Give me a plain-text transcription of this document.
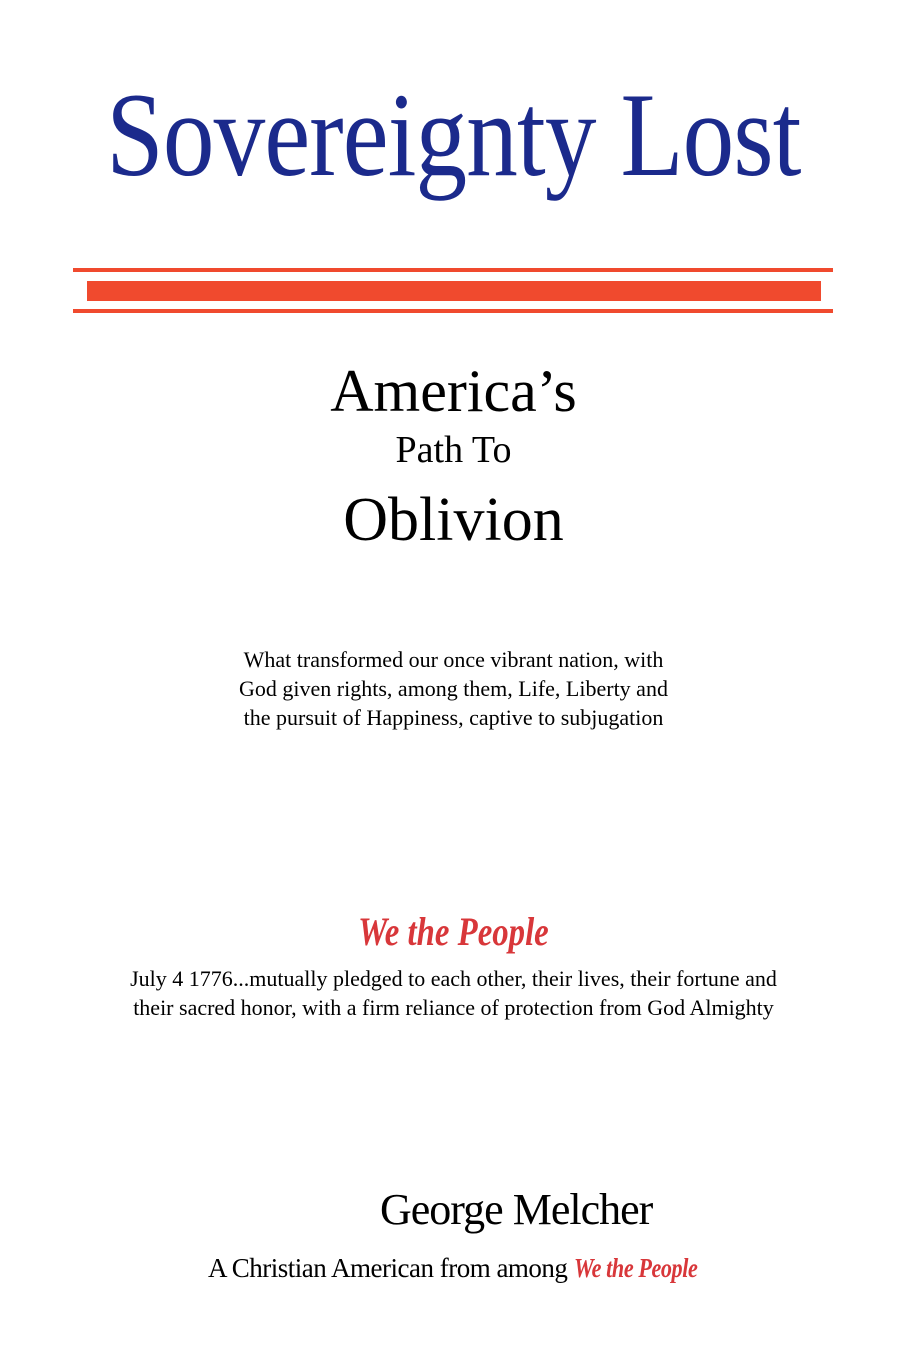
Sovereignty Lost
America’s
Path To
Oblivion
What transformed our once vibrant nation, with
God given rights, among them, Life, Liberty and
the pursuit of Happiness, captive to subjugation
We the People
July 4 1776...mutually pledged to each other, their lives, their fortune and
their sacred honor, with a firm reliance of protection from God Almighty
George Melcher
A Christian American from among We the People
